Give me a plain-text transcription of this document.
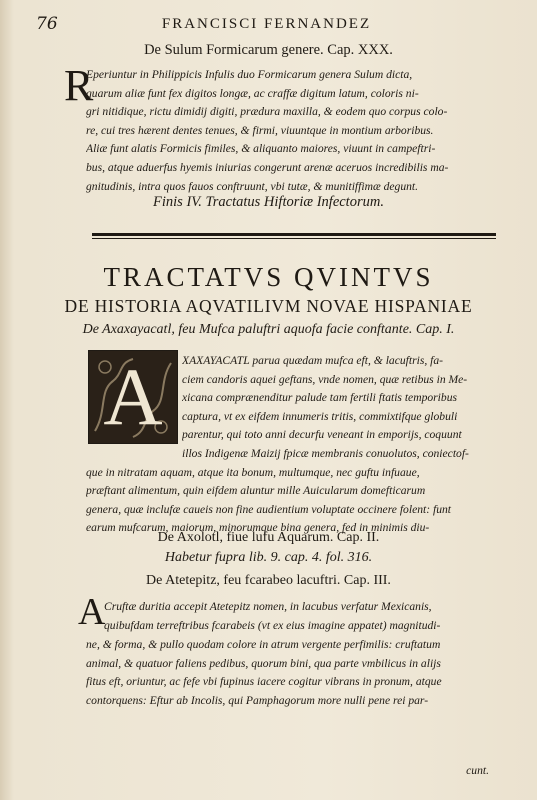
76	FRANCISCI FERNANDEZ
De Sulum Formicarum genere. Cap. XXX.
R
Eperiuntur in Philippicis Infulis duo Formicarum genera Sulum dicta,
quarum aliæ funt fex digitos longæ, ac craffæ digitum latum, coloris ni-
gri nitidique, rictu dimidij digiti, prædura maxilla, & eodem quo corpus colo-
re, cui tres hærent dentes tenues, & firmi, viuuntque in montium arboribus.
Aliæ funt alatis Formicis fimiles, & aliquanto maiores, viuunt in campeftri-
bus, atque aduerfus hyemis iniurias congerunt arenæ aceruos incredibilis ma-
gnitudinis, intra quos fauos conftruunt, vbi tutæ, & munitiffimæ degunt.
Finis IV. Tractatus Hiftoriæ Infectorum.
TRACTATVS QVINTVS
DE HISTORIA AQVATILIVM NOVAE HISPANIAE
De Axaxayacatl, feu Mufca paluftri aquofa facie conftante. Cap. I.
A	XAXAYACATL parua quædam mufca eft, & lacuftris, fa-
ciem candoris aquei geftans, vnde nomen, quæ retibus in Me-
xicana comprænenditur palude tam fertili ftatis temporibus
captura, vt ex eifdem innumeris tritis, commixtifque globuli
parentur, qui toto anni decurfu veneant in emporijs, coquunt
illos Indigenæ Maizij fpicæ membranis conuolutos, coniectof-
que in nitratam aquam, atque ita bonum, multumque, nec guftu infuaue,
præftant alimentum, quin eifdem aluntur mille Auicularum domefticarum
genera, quæ inclufæ caueis non fine audientium voluptate occinere folent: funt
earum mufcarum, maiorum, minorumque bina genera, fed in minimis diu-
De Axolotl, fiue lufu Aquarum. Cap. II.
Habetur fupra lib. 9. cap. 4. fol. 316.
De Atetepitz, feu fcarabeo lacuftri. Cap. III.
A
Cruftæ duritia accepit Atetepitz nomen, in lacubus verfatur Mexicanis,
quibufdam terreftribus fcarabeis (vt ex eius imagine appatet) magnitudi-
ne, & forma, & pullo quodam colore in atrum vergente perfimilis: cruftatum
animal, & quatuor faliens pedibus, quorum bini, qua parte vmbilicus in alijs
fitus eft, oriuntur, ac fefe vbi fupinus iacere cogitur vibrans in pronum, atque
contorquens: Eftur ab Incolis, qui Pamphagorum more nulli pene rei par-
cunt.
